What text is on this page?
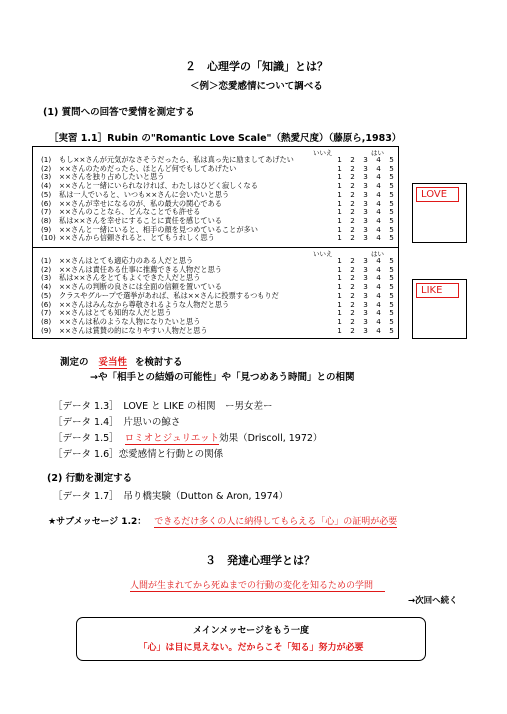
２　心理学の「知識」とは？
＜例＞恋愛感情について調べる
(1) 質問への回答で愛情を測定する
［実習 1.1］Rubin の"Romantic Love Scale"（熱愛尺度）（藤原ら,1983）
いいえ	はい
(1) もし××さんが元気がなさそうだったら、私は真っ先に励ましてあげたい	1 2 3 4 5
(2) ××さんのためだったら、ほとんど何でもしてあげたい	1 2 3 4 5
(3) ××さんを独り占めしたいと思う	1 2 3 4 5
(4) ××さんと一緒にいられなければ、わたしはひどく寂しくなる	1 2 3 4 5
(5) 私は一人でいると、いつも××さんに会いたいと思う	1 2 3 4 5
(6) ××さんが幸せになるのが、私の最大の関心である	1 2 3 4 5
(7) ××さんのことなら、どんなことでも許せる	1 2 3 4 5
(8) 私は××さんを幸せにすることに責任を感じている	1 2 3 4 5
(9) ××さんと一緒にいると、相手の顔を見つめていることが多い	1 2 3 4 5
(10) ××さんから信頼されると、とてもうれしく思う	1 2 3 4 5
いいえ	はい
(1) ××さんはとても適応力のある人だと思う	1 2 3 4 5
(2) ××さんは責任ある仕事に推薦できる人物だと思う	1 2 3 4 5
(3) 私は××さんをとてもよくできた人だと思う	1 2 3 4 5
(4) ××さんの判断の良さには全面の信頼を置いている	1 2 3 4 5
(5) クラスやグループで選挙があれば、私は××さんに投票するつもりだ	1 2 3 4 5
(6) ××さんはみんなから尊敬されるような人物だと思う	1 2 3 4 5
(7) ××さんはとても知的な人だと思う	1 2 3 4 5
(8) ××さんは私のような人物になりたいと思う	1 2 3 4 5
(9) ××さんは賞賛の的になりやすい人物だと思う	1 2 3 4 5
LOVE
LIKE
測定の 妥当性 を検討する
→や「相手との結婚の可能性」や「見つめあう時間」との相関
［データ 1.3］　LOVE と LIKE の相関　ー男女差ー
［データ 1.4］　片思いの鯨さ
［データ 1.5］ ロミオとジュリエット効果（Driscoll, 1972）
［データ 1.6］恋愛感情と行動との関係
(2) 行動を測定する
［データ 1.7］　吊り橋実験（Dutton & Aron, 1974）
★サブメッセージ 1.2： できるだけ多くの人に納得してもらえる「心」の証明が必要
３　発達心理学とは？
人間が生まれてから死ぬまでの行動の変化を知るための学問
→次回へ続く
メインメッセージをもう一度
「心」は目に見えない。だからこそ「知る」努力が必要
